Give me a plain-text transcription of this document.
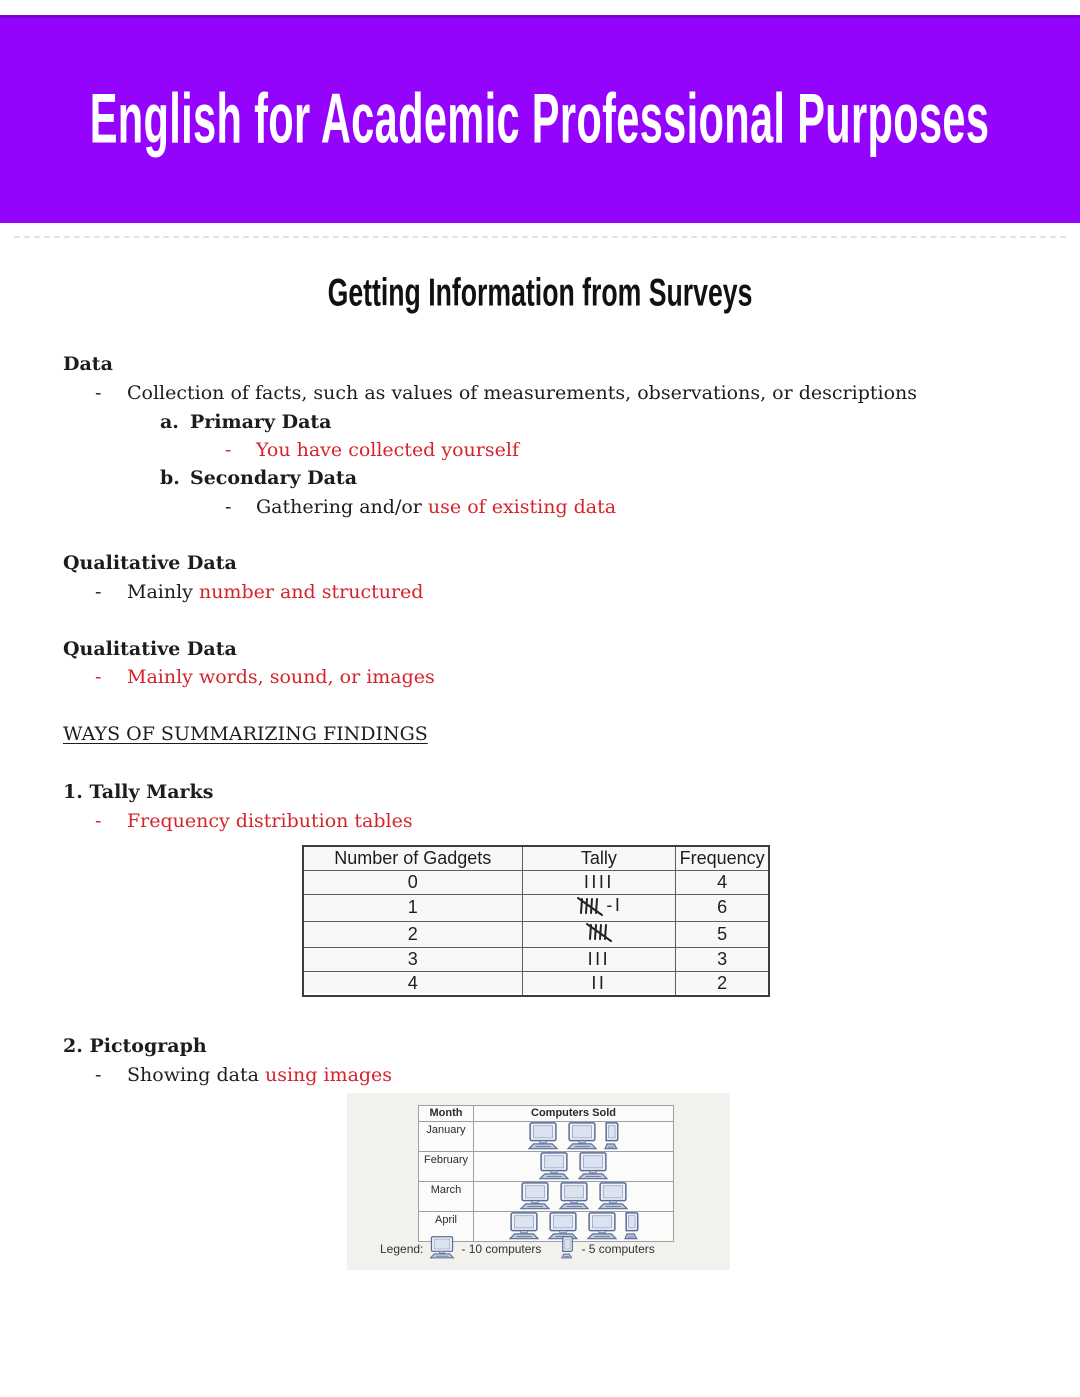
English for Academic Professional Purposes
Getting Information from Surveys
Data
- Collection of facts, such as values of measurements, observations, or descriptions
a. Primary Data
- You have collected yourself
b. Secondary Data
- Gathering and/or use of existing data
Qualitative Data
- Mainly number and structured
Qualitative Data
- Mainly words, sound, or images
WAYS OF SUMMARIZING FINDINGS
1. Tally Marks
- Frequency distribution tables
Number of Gadgets	Tally	Frequency
0	IIII	4
1	-I	6
2		5
3	III	3
4	II	2
2. Pictograph
- Showing data using images
Month	Computers Sold
January
February
March
April
Legend:	- 10 computers	- 5 computers
